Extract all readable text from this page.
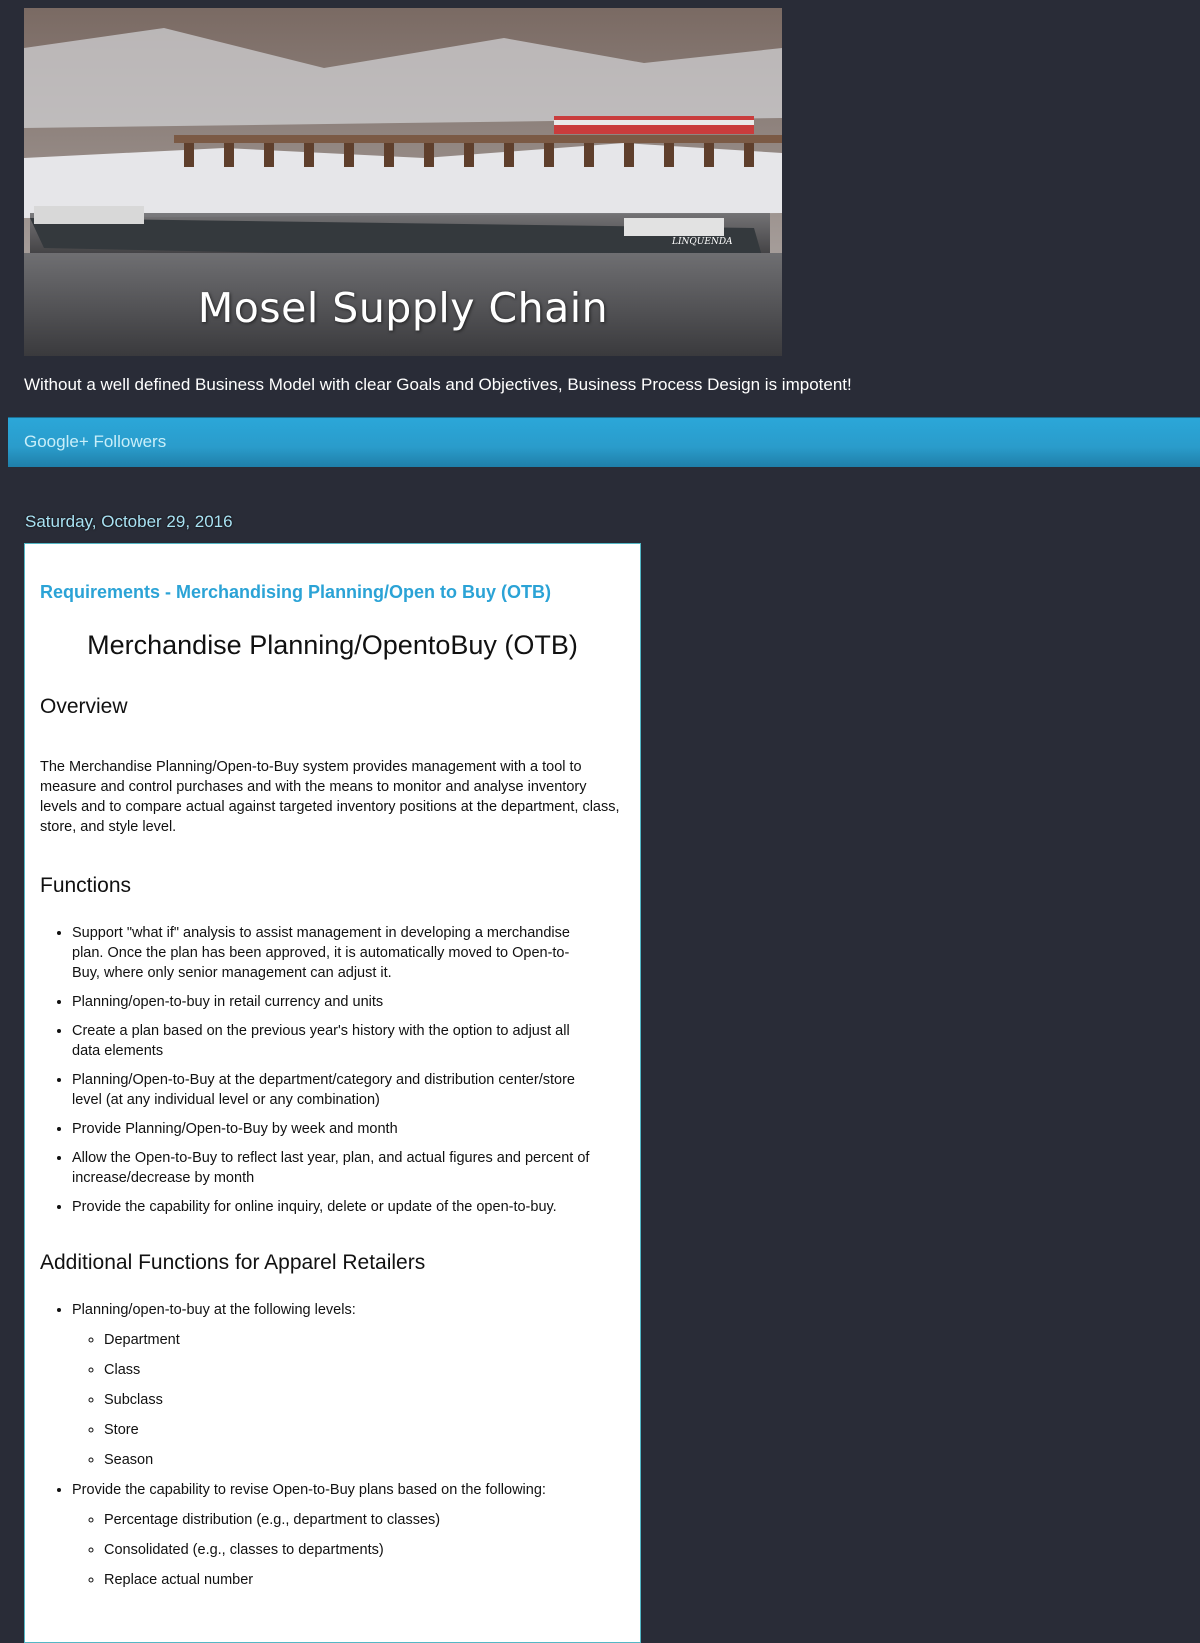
LINQUENDA
Mosel Supply Chain
Without a well defined Business Model with clear Goals and Objectives, Business Process Design is impotent!
Google+ Followers
Saturday, October 29, 2016
Requirements - Merchandising Planning/Open to Buy (OTB)
Merchandise Planning/OpentoBuy (OTB)
Overview

The Merchandise Planning/Open-to-Buy system provides management with a tool to measure and control purchases and with the means to monitor and analyse inventory levels and to compare actual against targeted inventory positions at the department, class, store, and style level.

Functions
• Support "what if" analysis to assist management in developing a merchandise plan. Once the plan has been approved, it is automatically moved to Open-to-Buy, where only senior management can adjust it.
• Planning/open-to-buy in retail currency and units
• Create a plan based on the previous year's history with the option to adjust all data elements
• Planning/Open-to-Buy at the department/category and distribution center/store level (at any individual level or any combination)
• Provide Planning/Open-to-Buy by week and month
• Allow the Open-to-Buy to reflect last year, plan, and actual figures and percent of increase/decrease by month
• Provide the capability for online inquiry, delete or update of the open-to-buy.
Additional Functions for Apparel Retailers
• Planning/open-to-buy at the following levels:
◦ Department
◦ Class
◦ Subclass
◦ Store
◦ Season
• Provide the capability to revise Open-to-Buy plans based on the following:
◦ Percentage distribution (e.g., department to classes)
◦ Consolidated (e.g., classes to departments)
◦ Replace actual number
